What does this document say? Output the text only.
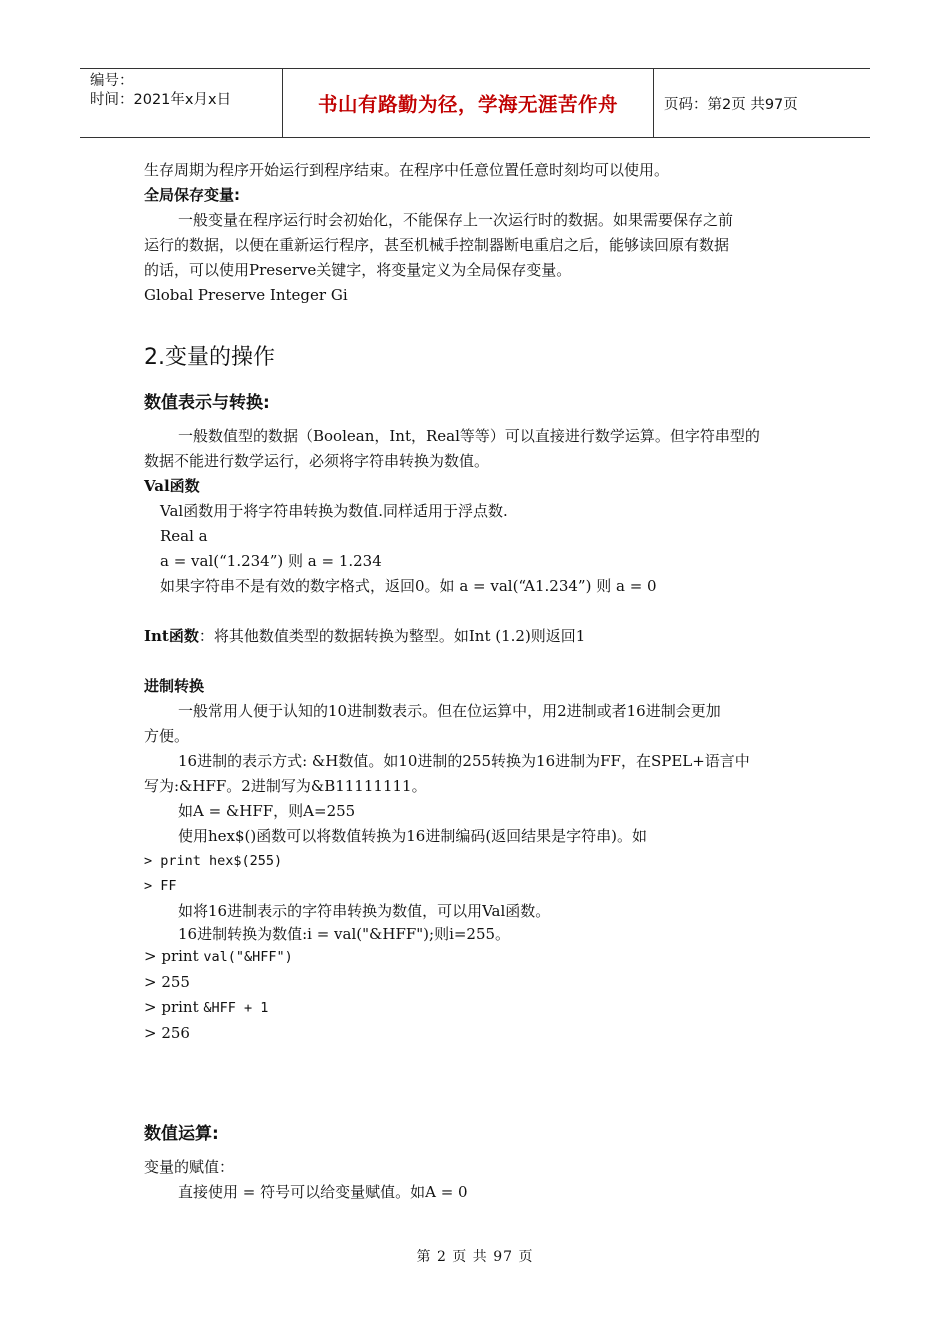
编号：
时间：2021年x月x日	书山有路勤为径，学海无涯苦作舟	页码：第2页 共97页

生存周期为程序开始运行到程序结束。在程序中任意位置任意时刻均可以使用。

全局保存变量:

一般变量在程序运行时会初始化，不能保存上一次运行时的数据。如果需要保存之前

运行的数据，以便在重新运行程序，甚至机械手控制器断电重启之后，能够读回原有数据

的话，可以使用Preserve关键字，将变量定义为全局保存变量。

Global Preserve Integer Gi

2.变量的操作

数值表示与转换:

一般数值型的数据（Boolean，Int，Real等等）可以直接进行数学运算。但字符串型的

数据不能进行数学运行，必须将字符串转换为数值。

Val函数

Val函数用于将字符串转换为数值.同样适用于浮点数.

Real a

a = val(“1.234”) 则 a = 1.234

如果字符串不是有效的数字格式，返回0。如 a = val(“A1.234”) 则 a = 0

Int函数：将其他数值类型的数据转换为整型。如Int (1.2)则返回1

进制转换

一般常用人便于认知的10进制数表示。但在位运算中，用2进制或者16进制会更加

方便。

16进制的表示方式: &H数值。如10进制的255转换为16进制为FF，在SPEL+语言中

写为:&HFF。2进制写为&B11111111。

如A = &HFF，则A=255

使用hex$()函数可以将数值转换为16进制编码(返回结果是字符串)。如

> print hex$(255)

> FF

如将16进制表示的字符串转换为数值，可以用Val函数。

16进制转换为数值:i = val("&HFF");则i=255。

> print val("&HFF")

> 255

> print &HFF + 1

> 256

数值运算:

变量的赋值：

直接使用 = 符号可以给变量赋值。如A = 0

第 2 页 共 97 页
